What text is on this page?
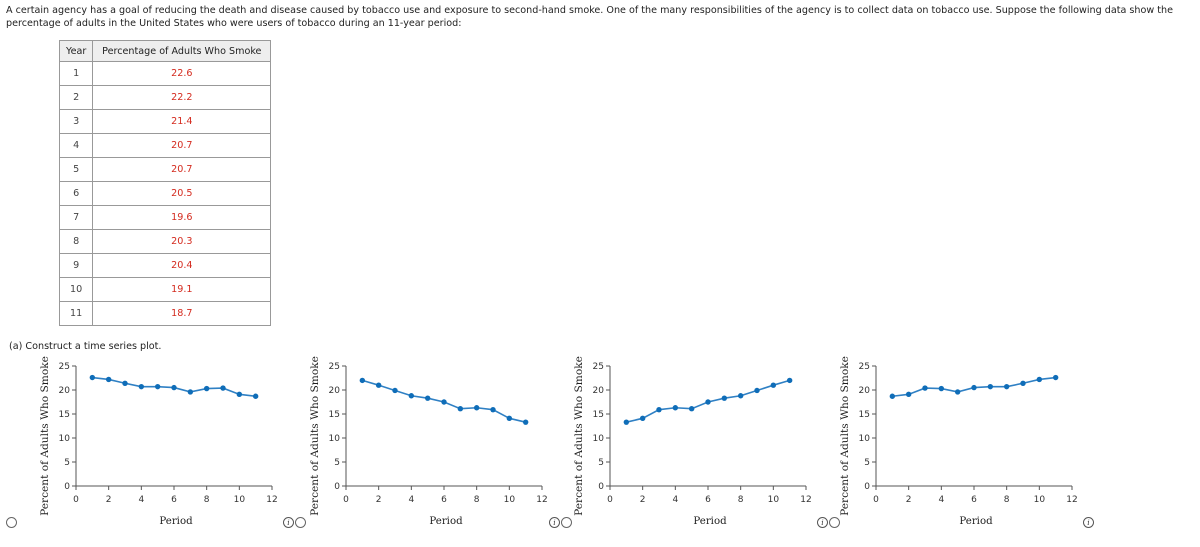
A certain agency has a goal of reducing the death and disease caused by tobacco use and exposure to second-hand smoke. One of the many responsibilities of the agency is to collect data on tobacco use. Suppose the following data show the percentage of adults in the United States who were users of tobacco during an 11-year period:
Year	Percentage of Adults Who Smoke
1	22.6
2	22.2
3	21.4
4	20.7
5	20.7
6	20.5
7	19.6
8	20.3
9	20.4
10	19.1
11	18.7
(a) Construct a time series plot.
Percent of Adults Who Smoke 0
5
10
15
20
25
0	2	4	6	8	10 12
Period
Percent of Adults Who Smoke 0
5
10
15
20
25
0	2	4	6	8	10 12
Period
Percent of Adults Who Smoke 0
5
10
15
20
25
0	2	4	6	8	10 12
Period
Percent of Adults Who Smoke 0
5
10
15
20
25
0	2	4	6	8	10 12
Period
i	i	i	i
